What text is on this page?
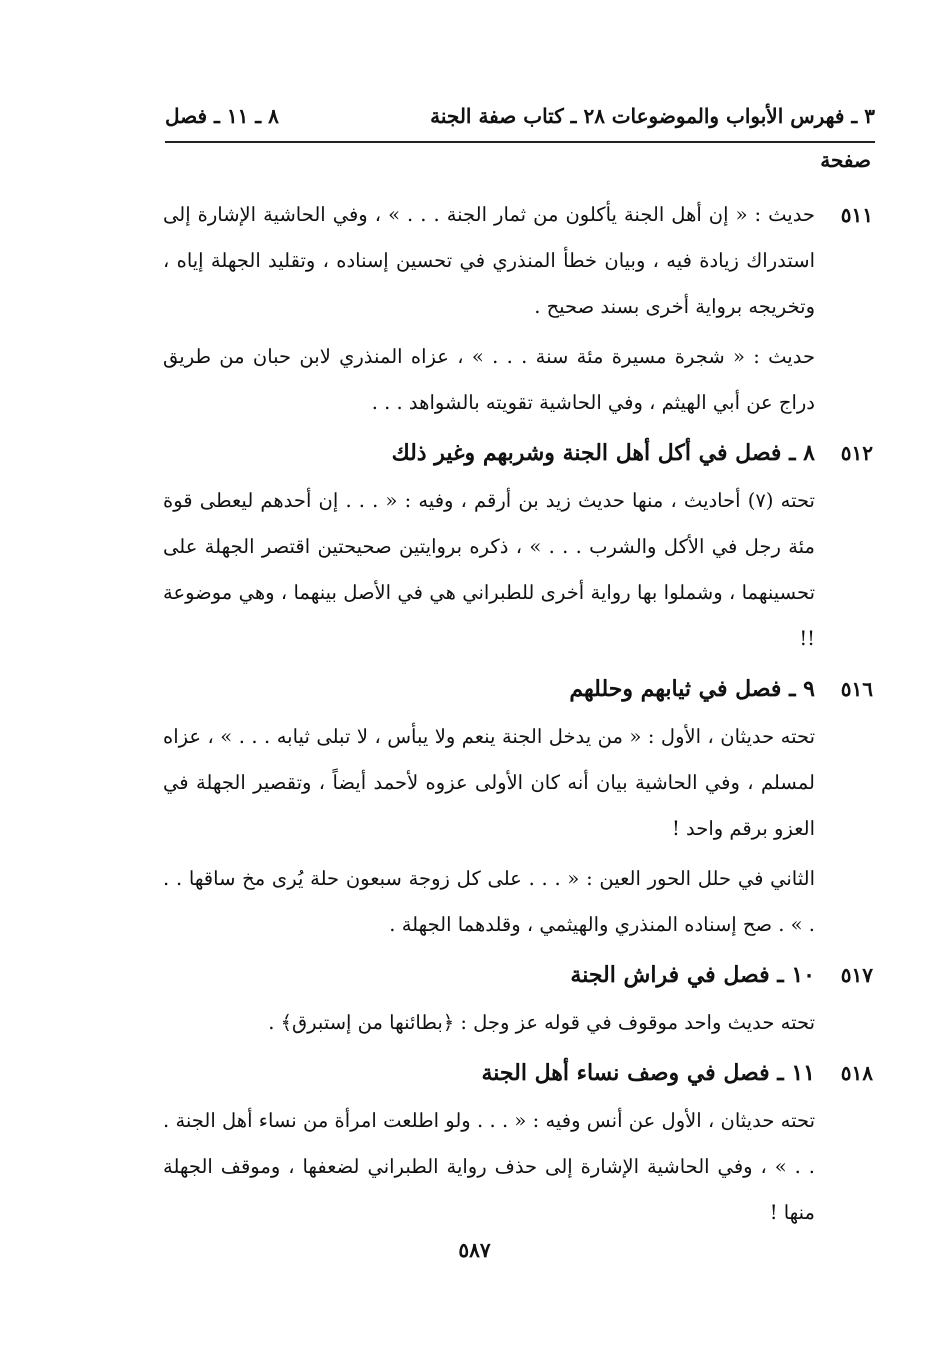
٣ ـ فهرس الأبواب والموضوعات
٢٨ ـ كتاب صفة الجنة
٨ ـ ١١ ـ فصل
صفحة
٥١١

حديث : « إن أهل الجنة يأكلون من ثمار الجنة . . . » ، وفي الحاشية الإشارة إلى استدراك زيادة فيه ، وبيان خطأ المنذري في تحسين إسناده ، وتقليد الجهلة إياه ، وتخريجه برواية أخرى بسند صحيح .

حديث : « شجرة مسيرة مئة سنة . . . » ، عزاه المنذري لابن حبان من طريق دراج عن أبي الهيثم ، وفي الحاشية تقويته بالشواهد . . .

٥١٢
٨ ـ فصل في أكل أهل الجنة وشربهم وغير ذلك

تحته (٧) أحاديث ، منها حديث زيد بن أرقم ، وفيه : « . . . إن أحدهم ليعطى قوة مئة رجل في الأكل والشرب . . . » ، ذكره بروايتين صحيحتين اقتصر الجهلة على تحسينهما ، وشملوا بها رواية أخرى للطبراني هي في الأصل بينهما ، وهي موضوعة !!

٥١٦
٩ ـ فصل في ثيابهم وحللهم

تحته حديثان ، الأول : « من يدخل الجنة ينعم ولا يبأس ، لا تبلى ثيابه . . . » ، عزاه لمسلم ، وفي الحاشية بيان أنه كان الأولى عزوه لأحمد أيضاً ، وتقصير الجهلة في العزو برقم واحد !

الثاني في حلل الحور العين : « . . . على كل زوجة سبعون حلة يُرى مخ ساقها . . . » . صح إسناده المنذري والهيثمي ، وقلدهما الجهلة .

٥١٧
١٠ ـ فصل في فراش الجنة

تحته حديث واحد موقوف في قوله عز وجل : ﴿بطائنها من إستبرق﴾ .

٥١٨
١١ ـ فصل في وصف نساء أهل الجنة

تحته حديثان ، الأول عن أنس وفيه : « . . . ولو اطلعت امرأة من نساء أهل الجنة . . . » ، وفي الحاشية الإشارة إلى حذف رواية الطبراني لضعفها ، وموقف الجهلة منها !

٥٨٧
